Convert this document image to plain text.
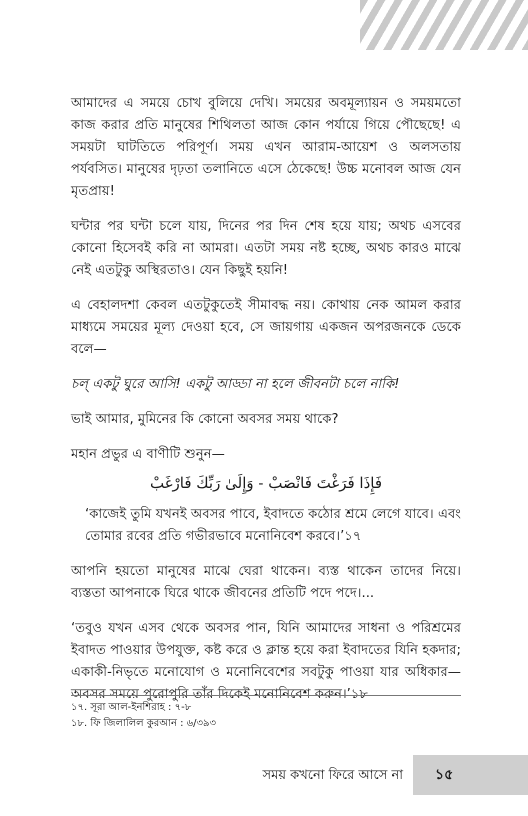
আমাদের এ সময়ে চোখ বুলিয়ে দেখি। সময়ের অবমূল্যায়ন ও সময়মতো কাজ করার প্রতি মানুষের শিথিলতা আজ কোন পর্যায়ে গিয়ে পৌছেছে! এ সময়টা ঘাটতিতে পরিপূর্ণ। সময় এখন আরাম-আয়েশ ও অলসতায় পর্যবসিত। মানুষের দৃঢ়তা তলানিতে এসে ঠেকেছে! উচ্চ মনোবল আজ যেন মৃতপ্রায়!

ঘন্টার পর ঘন্টা চলে যায়, দিনের পর দিন শেষ হয়ে যায়; অথচ এসবের কোনো হিসেবই করি না আমরা। এতটা সময় নষ্ট হচ্ছে, অথচ কারও মাঝে নেই এতটুকু অস্থিরতাও। যেন কিছুই হয়নি!

এ বেহালদশা কেবল এতটুকুতেই সীমাবদ্ধ নয়। কোথায় নেক আমল করার মাধ্যমে সময়ের মূল্য দেওয়া হবে, সে জায়গায় একজন অপরজনকে ডেকে বলে—

চল্ একটু ঘুরে আসি! একটু আড্ডা না হলে জীবনটা চলে নাকি!

ভাই আমার, মুমিনের কি কোনো অবসর সময় থাকে?

মহান প্রভুর এ বাণীটি শুনুন—

فَإِذَا فَرَغْتَ فَانْصَبْ - وَإِلَىٰ رَبِّكَ فَارْغَبْ

‘কাজেই তুমি যখনই অবসর পাবে, ইবাদতে কঠোর শ্রমে লেগে যাবে। এবং তোমার রবের প্রতি গভীরভাবে মনোনিবেশ করবে।’১৭

আপনি হয়তো মানুষের মাঝে ঘেরা থাকেন। ব্যস্ত থাকেন তাদের নিয়ে। ব্যস্ততা আপনাকে ঘিরে থাকে জীবনের প্রতিটি পদে পদে।...

‘তবুও যখন এসব থেকে অবসর পান, যিনি আমাদের সাধনা ও পরিশ্রমের ইবাদত পাওয়ার উপযুক্ত, কষ্ট করে ও ক্লান্ত হয়ে করা ইবাদতের যিনি হকদার; একাকী-নিভৃতে মনোযোগ ও মনোনিবেশের সবটুকু পাওয়া যার অধিকার— অবসর সময়ে পুরোপুরি তাঁর দিকেই মনোনিবেশ করুন।’১৮

১৭. সূরা আল-ইনশিরাহ : ৭-৮
১৮. ফি জিলালিল কুরআন : ৬/৩৯৩
সময় কখনো ফিরে আসে না	১৫
